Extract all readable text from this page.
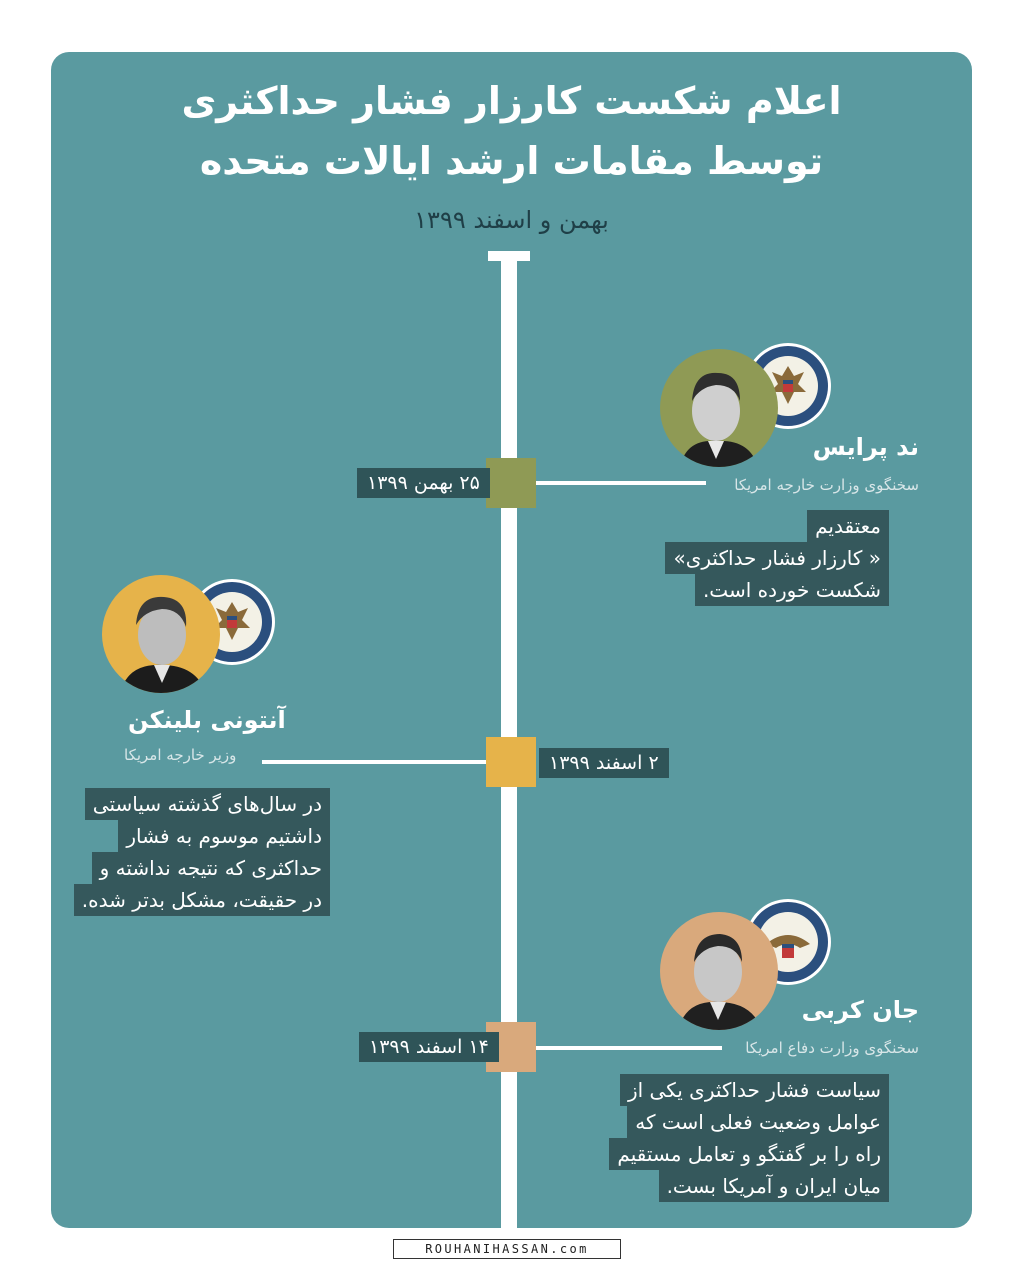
اعلام شکست کارزار فشار حداکثری
توسط مقامات ارشد ایالات متحده
بهمن و اسفند ۱۳۹۹
۲۵ بهمن ۱۳۹۹
ند پرایس
سخنگوی وزارت خارجه امریکا
معتقدیم
« کارزار فشار حداکثری»
شکست خورده است.
۲ اسفند ۱۳۹۹
آنتونی بلینکن
وزیر خارجه امریکا
در سال‌های گذشته سیاستی
داشتیم موسوم به فشار
حداکثری که نتیجه نداشته و
در حقیقت، مشکل بدتر شده.
۱۴ اسفند ۱۳۹۹
جان کربی
سخنگوی وزارت دفاع امریکا
سیاست فشار حداکثری یکی از
عوامل وضعیت فعلی است که
راه را بر گفتگو و تعامل مستقیم
میان ایران و آمریکا بست.
ROUHANIHASSAN.com
